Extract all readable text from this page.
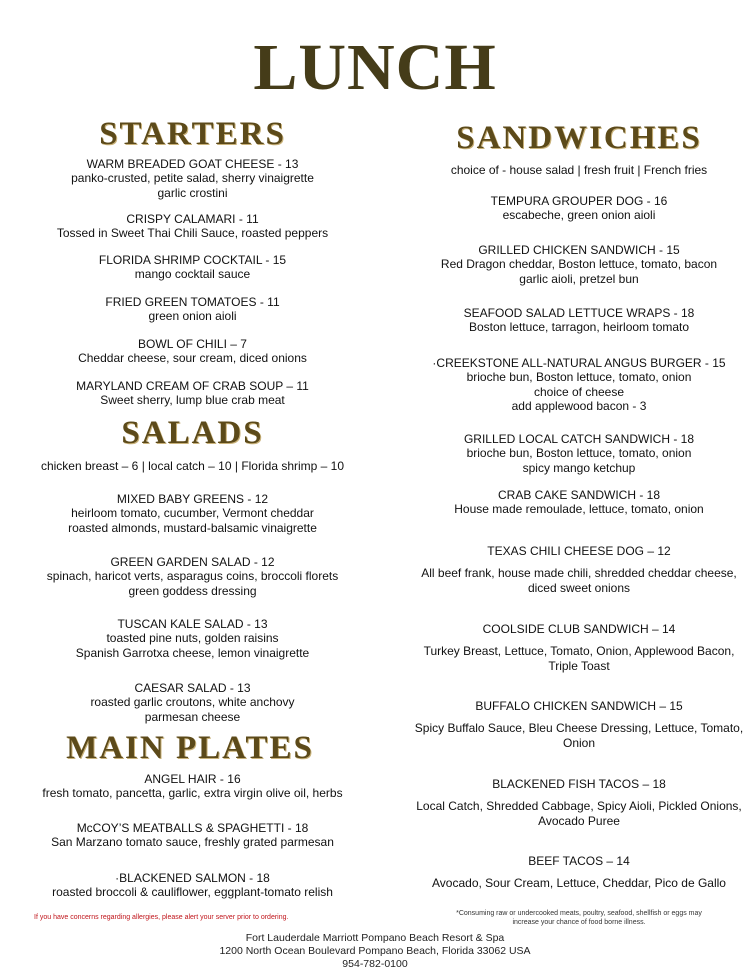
LUNCH
STARTERS
WARM BREADED GOAT CHEESE - 13
panko-crusted, petite salad, sherry vinaigrette
garlic crostini
CRISPY CALAMARI - 11
Tossed in Sweet Thai Chili Sauce, roasted peppers
FLORIDA SHRIMP COCKTAIL - 15
mango cocktail sauce
FRIED GREEN TOMATOES - 11
green onion aioli
BOWL OF CHILI – 7
Cheddar cheese, sour cream, diced onions
MARYLAND CREAM OF CRAB SOUP – 11
Sweet sherry, lump blue crab meat
SALADS
chicken breast – 6 | local catch – 10 | Florida shrimp – 10
MIXED BABY GREENS - 12
heirloom tomato, cucumber, Vermont cheddar
roasted almonds, mustard-balsamic vinaigrette
GREEN GARDEN SALAD - 12
spinach, haricot verts, asparagus coins, broccoli florets
green goddess dressing
TUSCAN KALE SALAD - 13
toasted pine nuts, golden raisins
Spanish Garrotxa cheese, lemon vinaigrette
CAESAR SALAD - 13
roasted garlic croutons, white anchovy
parmesan cheese
MAIN PLATES
ANGEL HAIR - 16
fresh tomato, pancetta, garlic, extra virgin olive oil, herbs
McCOY’S MEATBALLS & SPAGHETTI - 18
San Marzano tomato sauce, freshly grated parmesan
·BLACKENED SALMON - 18
roasted broccoli & cauliflower, eggplant-tomato relish
If you have concerns regarding allergies, please alert your server prior to ordering.
SANDWICHES
choice of - house salad | fresh fruit | French fries
TEMPURA GROUPER DOG - 16
escabeche, green onion aioli
GRILLED CHICKEN SANDWICH - 15
Red Dragon cheddar, Boston lettuce, tomato, bacon
garlic aioli, pretzel bun
SEAFOOD SALAD LETTUCE WRAPS - 18
Boston lettuce, tarragon, heirloom tomato
·CREEKSTONE ALL-NATURAL ANGUS BURGER - 15
brioche bun, Boston lettuce, tomato, onion
choice of cheese
add applewood bacon - 3
GRILLED LOCAL CATCH SANDWICH - 18
brioche bun, Boston lettuce, tomato, onion
spicy mango ketchup
CRAB CAKE SANDWICH - 18
House made remoulade, lettuce, tomato, onion
TEXAS CHILI CHEESE DOG – 12
All beef frank, house made chili, shredded cheddar cheese,
diced sweet onions
COOLSIDE CLUB SANDWICH – 14
Turkey Breast, Lettuce, Tomato, Onion, Applewood Bacon,
Triple Toast
BUFFALO CHICKEN SANDWICH – 15
Spicy Buffalo Sauce, Bleu Cheese Dressing, Lettuce, Tomato,
Onion
BLACKENED FISH TACOS – 18
Local Catch, Shredded Cabbage, Spicy Aioli, Pickled Onions,
Avocado Puree
BEEF TACOS – 14
Avocado, Sour Cream, Lettuce, Cheddar, Pico de Gallo
*Consuming raw or undercooked meats, poultry, seafood, shellfish or eggs may
increase your chance of food borne illness.
Fort Lauderdale Marriott Pompano Beach Resort & Spa
1200 North Ocean Boulevard Pompano Beach, Florida 33062 USA
954-782-0100
